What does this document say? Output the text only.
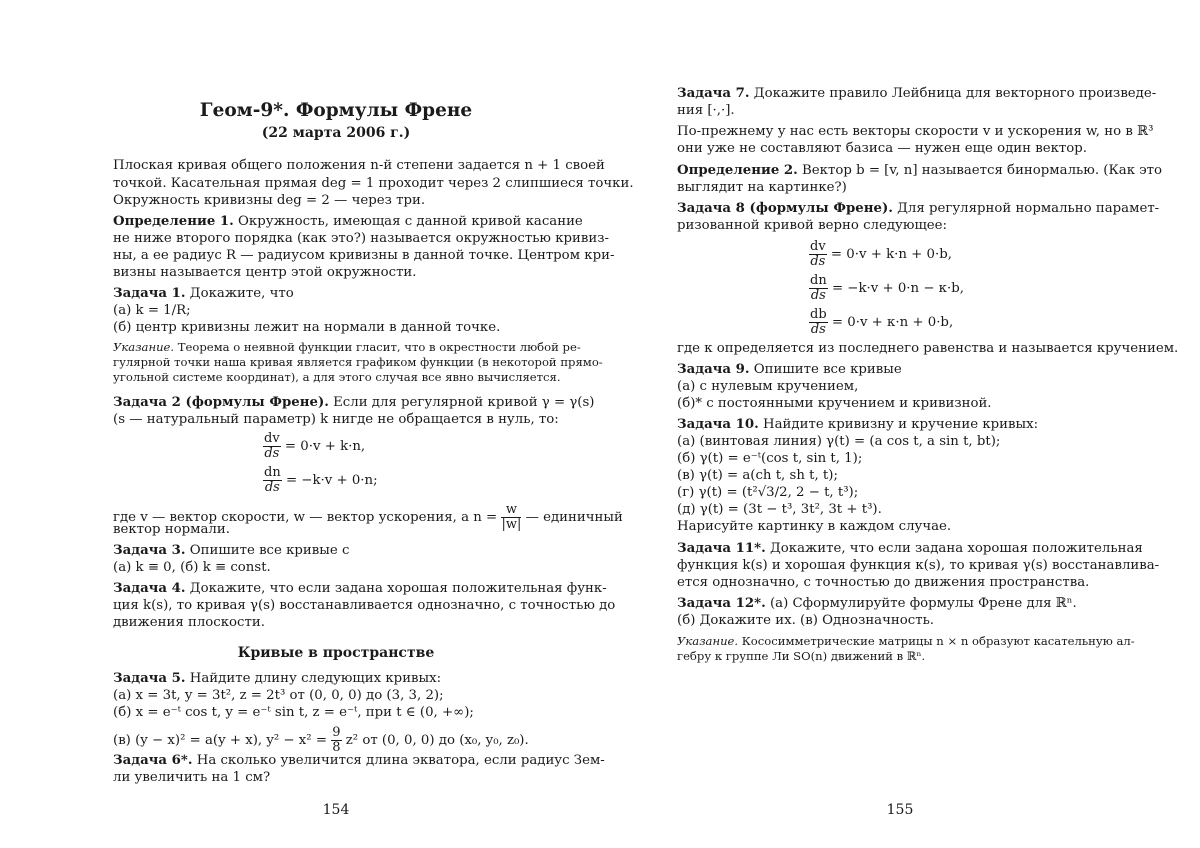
Геом-9*. Формулы Френе
(22 марта 2006 г.)
Плоская кривая общего положения n-й степени задается n + 1 своей
точкой. Касательная прямая deg = 1 проходит через 2 слипшиеся точки.
Окружность кривизны deg = 2 — через три.
Определение 1. Окружность, имеющая с данной кривой касание
не ниже второго порядка (как это?) называется окружностью кривиз-
ны, а ее радиус R — радиусом кривизны в данной точке. Центром кри-
визны называется центр этой окружности.
Задача 1. Докажите, что
(а) k = 1/R;
(б) центр кривизны лежит на нормали в данной точке.
Указание. Теорема о неявной функции гласит, что в окрестности любой ре-
гулярной точки наша кривая является графиком функции (в некоторой прямо-
угольной системе координат), а для этого случая все явно вычисляется.
Задача 2 (формулы Френе). Если для регулярной кривой γ = γ(s)
(s — натуральный параметр) k нигде не обращается в нуль, то:
$\frac{dv}{ds} = 0\cdot v + k\cdot n$,
$\frac{dn}{ds} = -k\cdot v + 0\cdot n$;
где v — вектор скорости, w — вектор ускорения, а $n = \frac{w}{|w|}$ — единичный
вектор нормали.
Задача 3. Опишите все кривые с
(а) k ≡ 0, (б) k ≡ const.
Задача 4. Докажите, что если задана хорошая положительная функ-
ция k(s), то кривая γ(s) восстанавливается однозначно, с точностью до
движения плоскости.
Кривые в пространстве
Задача 5. Найдите длину следующих кривых:
(а) x = 3t, y = 3t², z = 2t³ от (0, 0, 0) до (3, 3, 2);
(б) x = e⁻ᵗ cos t, y = e⁻ᵗ sin t, z = e⁻ᵗ, при t ∈ (0, +∞);
(в) (y − x)² = a(y + x), $y^2 - x^2 = \frac{9}{8} z^2$ от (0, 0, 0) до (x₀, y₀, z₀).
Задача 6*. На сколько увеличится длина экватора, если радиус Зем-
ли увеличить на 1 см?
154
Задача 7. Докажите правило Лейбница для векторного произведе-
ния [·,·].
По-прежнему у нас есть векторы скорости v и ускорения w, но в ℝ³
они уже не составляют базиса — нужен еще один вектор.
Определение 2. Вектор b = [v, n] называется бинормалью. (Как это
выглядит на картинке?)
Задача 8 (формулы Френе). Для регулярной нормально парамет-
ризованной кривой верно следующее:
$\frac{dv}{ds} = 0\cdot v + k\cdot n + 0\cdot b$,
$\frac{dn}{ds} = -k\cdot v + 0\cdot n - \kappa\cdot b$,
$\frac{db}{ds} = 0\cdot v + \kappa\cdot n + 0\cdot b$,
где κ определяется из последнего равенства и называется кручением.
Задача 9. Опишите все кривые
(а) с нулевым кручением,
(б)* с постоянными кручением и кривизной.
Задача 10. Найдите кривизну и кручение кривых:
(а) (винтовая линия) γ(t) = (a cos t, a sin t, bt);
(б) γ(t) = e⁻ᵗ(cos t, sin t, 1);
(в) γ(t) = a(ch t, sh t, t);
(г) γ(t) = (t²√3/2, 2 − t, t³);
(д) γ(t) = (3t − t³, 3t², 3t + t³).
Нарисуйте картинку в каждом случае.
Задача 11*. Докажите, что если задана хорошая положительная
функция k(s) и хорошая функция κ(s), то кривая γ(s) восстанавлива-
ется однозначно, с точностью до движения пространства.
Задача 12*. (а) Сформулируйте формулы Френе для ℝⁿ.
(б) Докажите их. (в) Однозначность.
Указание. Кососимметрические матрицы n × n образуют касательную ал-
гебру к группе Ли SO(n) движений в ℝⁿ.
155
